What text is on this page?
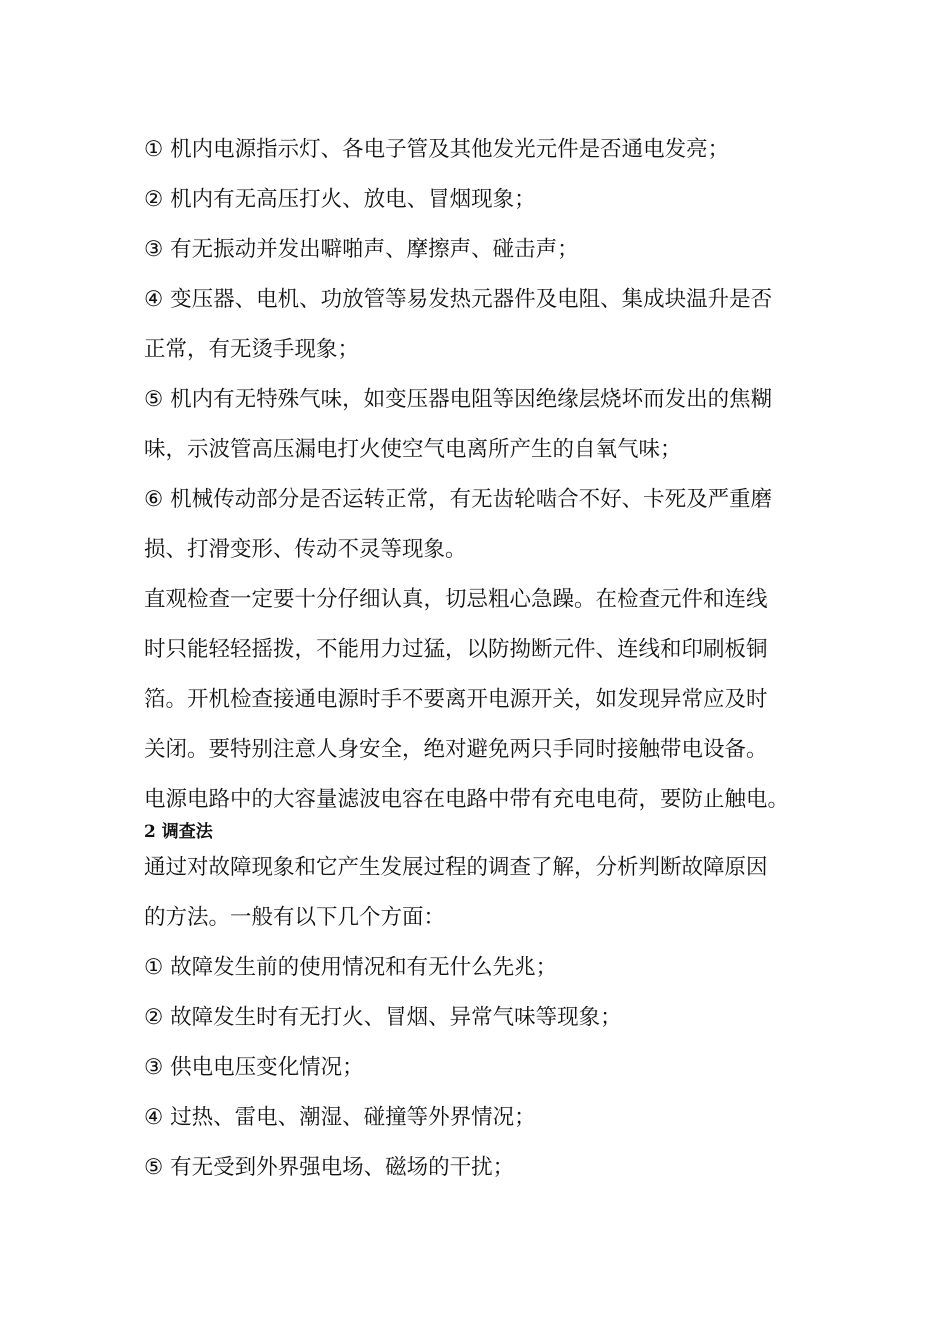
① 机内电源指示灯、各电子管及其他发光元件是否通电发亮；
② 机内有无高压打火、放电、冒烟现象；
③ 有无振动并发出噼啪声、摩擦声、碰击声；
④ 变压器、电机、功放管等易发热元器件及电阻、集成块温升是否
正常，有无烫手现象；
⑤ 机内有无特殊气味，如变压器电阻等因绝缘层烧坏而发出的焦糊
味，示波管高压漏电打火使空气电离所产生的自氧气味；
⑥ 机械传动部分是否运转正常，有无齿轮啮合不好、卡死及严重磨
损、打滑变形、传动不灵等现象。
直观检查一定要十分仔细认真，切忌粗心急躁。在检查元件和连线
时只能轻轻摇拨，不能用力过猛，以防拗断元件、连线和印刷板铜
箔。开机检查接通电源时手不要离开电源开关，如发现异常应及时
关闭。要特别注意人身安全，绝对避免两只手同时接触带电设备。
电源电路中的大容量滤波电容在电路中带有充电电荷，要防止触电。
2 调查法
通过对故障现象和它产生发展过程的调查了解，分析判断故障原因
的方法。一般有以下几个方面：
① 故障发生前的使用情况和有无什么先兆；
② 故障发生时有无打火、冒烟、异常气味等现象；
③ 供电电压变化情况；
④ 过热、雷电、潮湿、碰撞等外界情况；
⑤ 有无受到外界强电场、磁场的干扰；
